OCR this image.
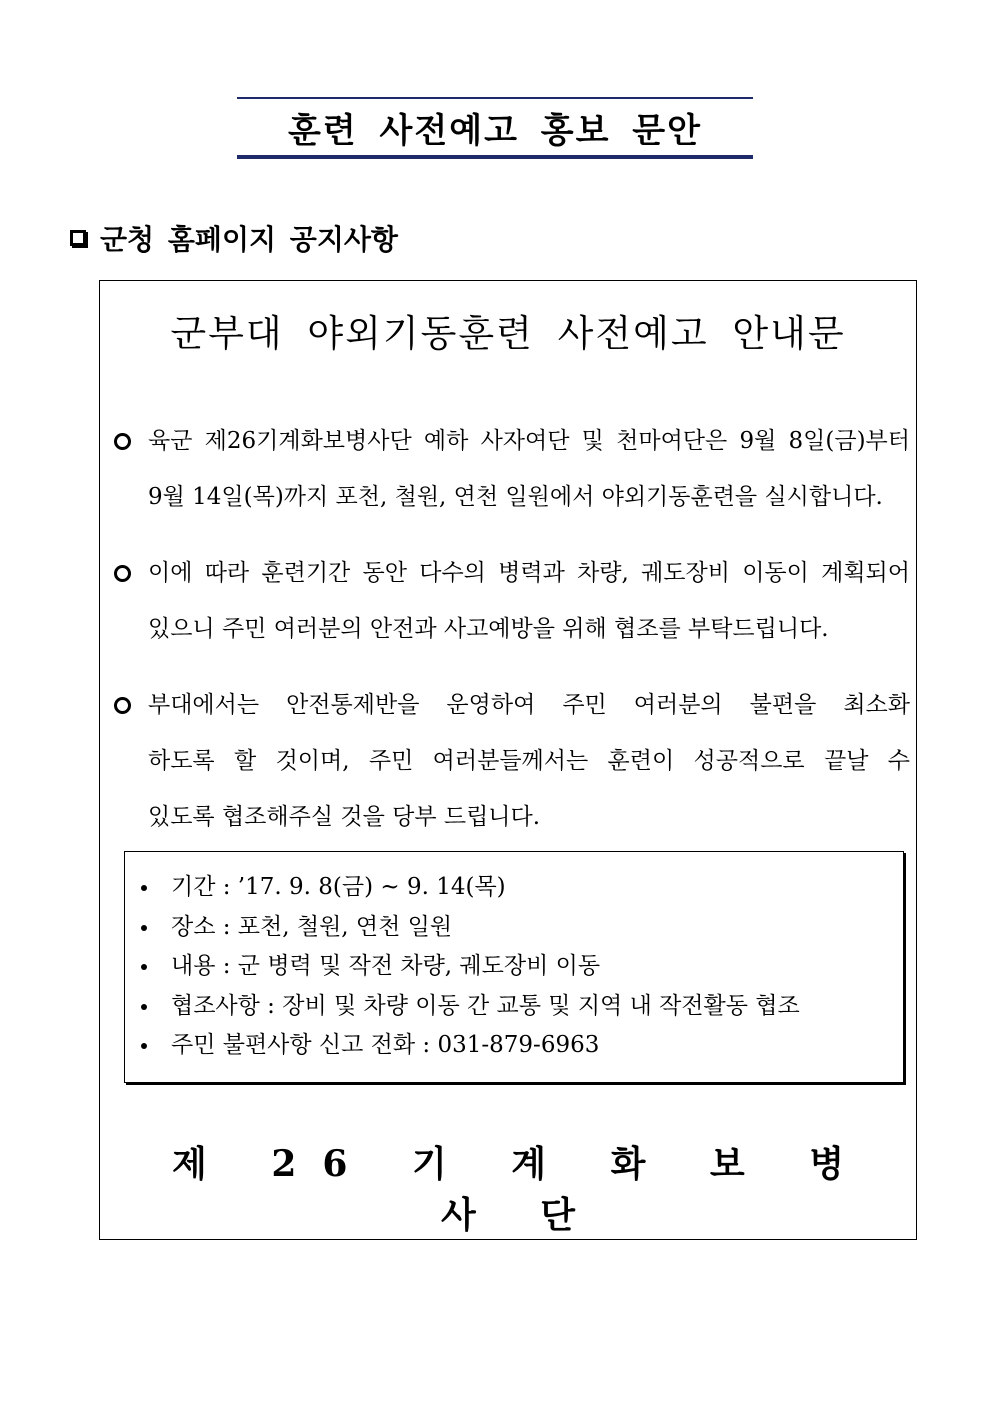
훈련 사전예고 홍보 문안
군청 홈페이지 공지사항
군부대 야외기동훈련 사전예고 안내문
육군 제26기계화보병사단 예하 사자여단 및 천마여단은 9월 8일(금)부터
9월 14일(목)까지 포천, 철원, 연천 일원에서 야외기동훈련을 실시합니다.
이에 따라 훈련기간 동안 다수의 병력과 차량, 궤도장비 이동이 계획되어
있으니 주민 여러분의 안전과 사고예방을 위해 협조를 부탁드립니다.
부대에서는 안전통제반을 운영하여 주민 여러분의 불편을 최소화
하도록 할 것이며, 주민 여러분들께서는 훈련이 성공적으로 끝날 수
있도록 협조해주실 것을 당부 드립니다.
기간 : ’17. 9. 8(금) ~ 9. 14(목)
장소 : 포천, 철원, 연천 일원
내용 : 군 병력 및 작전 차량, 궤도장비 이동
협조사항 : 장비 및 차량 이동 간 교통 및 지역 내 작전활동 협조
주민 불편사항 신고 전화 : 031-879-6963
제 26 기 계 화 보 병 사 단
